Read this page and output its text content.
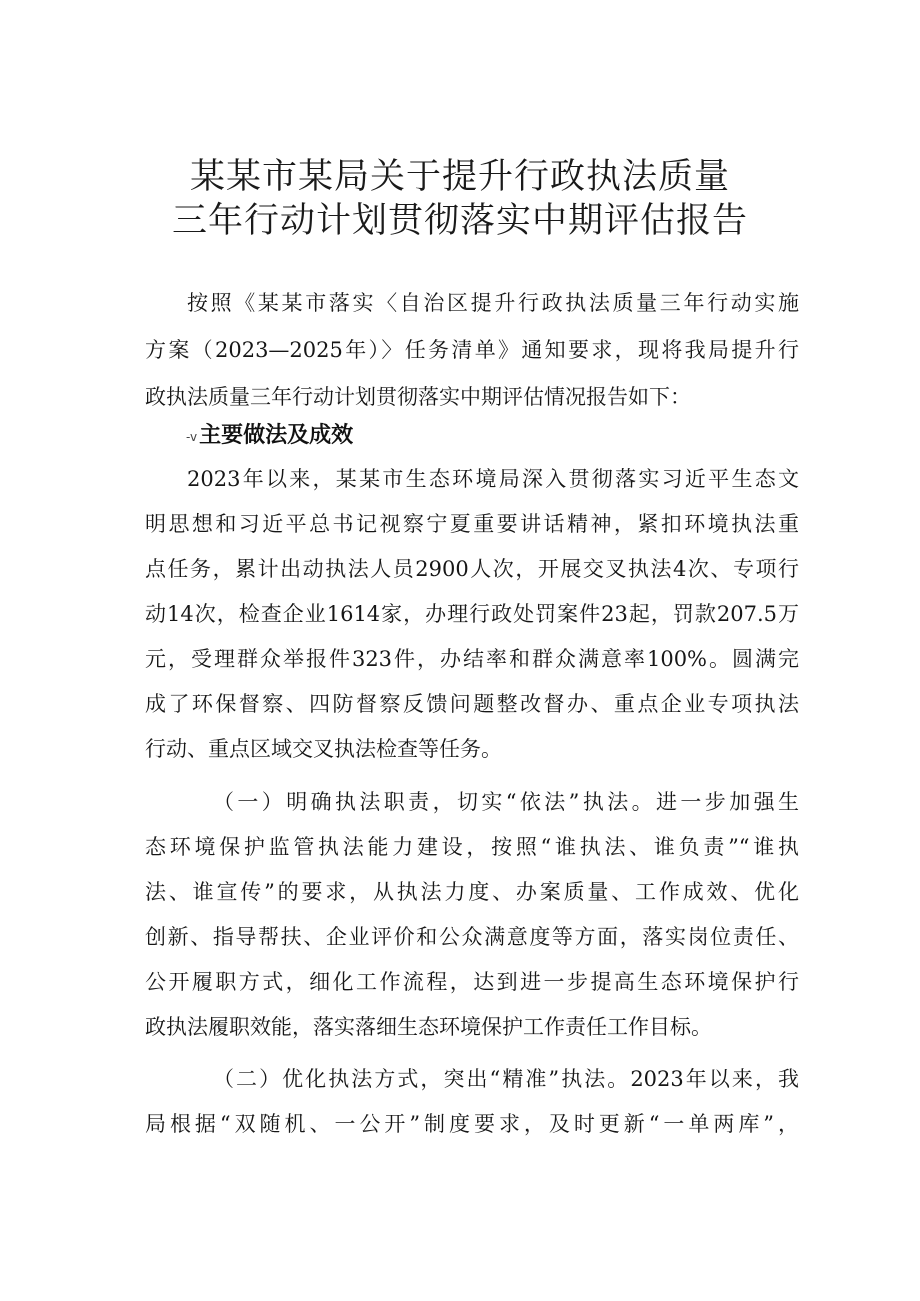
某某市某局关于提升行政执法质量
三年行动计划贯彻落实中期评估报告
按照《某某市落实〈自治区提升行政执法质量三年行动实施
方案（2023—2025年）〉任务清单》通知要求，现将我局提升行
政执法质量三年行动计划贯彻落实中期评估情况报告如下：
-v主要做法及成效
2023年以来，某某市生态环境局深入贯彻落实习近平生态文
明思想和习近平总书记视察宁夏重要讲话精神，紧扣环境执法重
点任务，累计出动执法人员2900人次，开展交叉执法4次、专项行
动14次，检查企业1614家，办理行政处罚案件23起，罚款207.5万
元，受理群众举报件323件，办结率和群众满意率100%。圆满完
成了环保督察、四防督察反馈问题整改督办、重点企业专项执法
行动、重点区域交叉执法检查等任务。
（一）明确执法职责，切实“依法”执法。进一步加强生
态环境保护监管执法能力建设，按照“谁执法、谁负责”“谁执
法、谁宣传”的要求，从执法力度、办案质量、工作成效、优化
创新、指导帮扶、企业评价和公众满意度等方面，落实岗位责任、
公开履职方式，细化工作流程，达到进一步提高生态环境保护行
政执法履职效能，落实落细生态环境保护工作责任工作目标。
（二）优化执法方式，突出“精准”执法。2023年以来，我
局根据“双随机、一公开”制度要求，及时更新“一单两库”，
